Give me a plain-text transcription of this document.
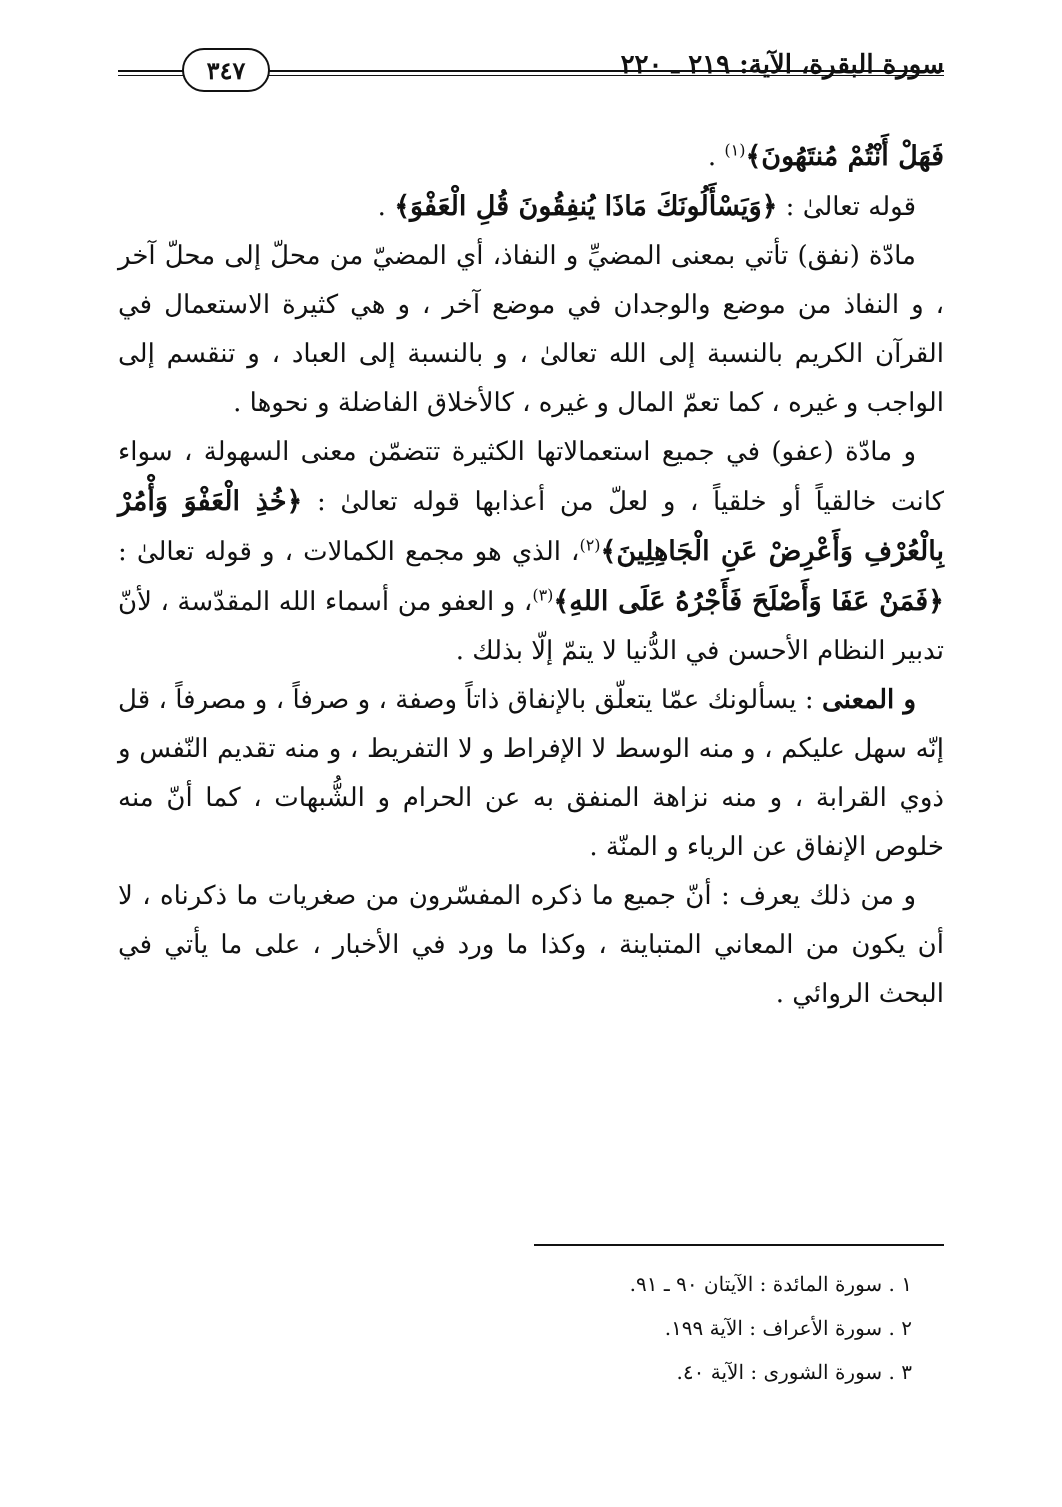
سورة البقرة، الآية: ٢١٩ ـ ٢٢٠
٣٤٧

فَهَلْ أَنْتُمْ مُنتَهُونَ﴾$^{(١)}$ .

قوله تعالىٰ : ﴿وَيَسْأَلُونَكَ مَاذَا يُنفِقُونَ قُلِ الْعَفْوَ﴾ .

مادّة (نفق) تأتي بمعنى المضيِّ و النفاذ، أي المضيّ من محلّ إلى محلّ آخر ، و النفاذ من موضع والوجدان في موضع آخر ، و هي كثيرة الاستعمال في القرآن الكريم بالنسبة إلى الله تعالىٰ ، و بالنسبة إلى العباد ، و تنقسم إلى الواجب و غيره ، كما تعمّ المال و غيره ، كالأخلاق الفاضلة و نحوها .

و مادّة (عفو) في جميع استعمالاتها الكثيرة تتضمّن معنى السهولة ، سواء كانت خالقياً أو خلقياً ، و لعلّ من أعذابها قوله تعالىٰ : ﴿خُذِ الْعَفْوَ وَأْمُرْ بِالْعُرْفِ وَأَعْرِضْ عَنِ الْجَاهِلِينَ﴾$^{(٢)}$، الذي هو مجمع الكمالات ، و قوله تعالىٰ : ﴿فَمَنْ عَفَا وَأَصْلَحَ فَأَجْرُهُ عَلَى اللهِ﴾$^{(٣)}$، و العفو من أسماء الله المقدّسة ، لأنّ تدبير النظام الأحسن في الدُّنيا لا يتمّ إلّا بذلك .

و المعنى : يسألونك عمّا يتعلّق بالإنفاق ذاتاً وصفة ، و صرفاً ، و مصرفاً ، قل إنّه سهل عليكم ، و منه الوسط لا الإفراط و لا التفريط ، و منه تقديم النّفس و ذوي القرابة ، و منه نزاهة المنفق به عن الحرام و الشُّبهات ، كما أنّ منه خلوص الإنفاق عن الرياء و المنّة .

و من ذلك يعرف : أنّ جميع ما ذكره المفسّرون من صغريات ما ذكرناه ، لا أن يكون من المعاني المتباينة ، وكذا ما ورد في الأخبار ، على ما يأتي في البحث الروائي .

١ . سورة المائدة : الآيتان ٩٠ ـ ٩١.
٢ . سورة الأعراف : الآية ١٩٩.
٣ . سورة الشورى : الآية ٤٠.
